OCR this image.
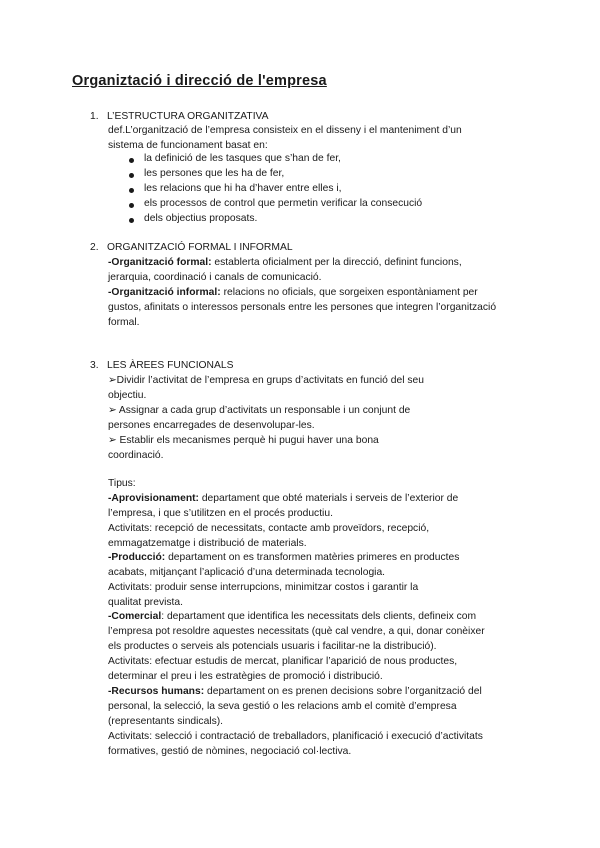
Organiztació i direcció de l'empresa
1. L’ESTRUCTURA ORGANITZATIVA
def.L’organització de l’empresa consisteix en el disseny i el manteniment d’un
sistema de funcionament basat en:
la definició de les tasques que s’han de fer,
les persones que les ha de fer,
les relacions que hi ha d’haver entre elles i,
els processos de control que permetin verificar la consecució
dels objectius proposats.
2. ORGANITZACIÓ FORMAL I INFORMAL
-Organització formal: establerta oficialment per la direcció, definint funcions,
jerarquia, coordinació i canals de comunicació.
-Organització informal: relacions no oficials, que sorgeixen espontàniament per
gustos, afinitats o interessos personals entre les persones que integren l’organització
formal.
3. LES ÀREES FUNCIONALS
➢Dividir l’activitat de l’empresa en grups d’activitats en funció del seu
objectiu.
➢ Assignar a cada grup d’activitats un responsable i un conjunt de
persones encarregades de desenvolupar-les.
➢ Establir els mecanismes perquè hi pugui haver una bona
coordinació.
Tipus:
-Aprovisionament: departament que obté materials i serveis de l’exterior de
l’empresa, i que s’utilitzen en el procés productiu.
Activitats: recepció de necessitats, contacte amb proveïdors, recepció,
emmagatzematge i distribució de materials.
-Producció: departament on es transformen matèries primeres en productes
acabats, mitjançant l’aplicació d’una determinada tecnologia.
Activitats: produir sense interrupcions, minimitzar costos i garantir la
qualitat prevista.
-Comercial: departament que identifica les necessitats dels clients, defineix com
l’empresa pot resoldre aquestes necessitats (què cal vendre, a qui, donar conèixer
els productes o serveis als potencials usuaris i facilitar-ne la distribució).
Activitats: efectuar estudis de mercat, planificar l’aparició de nous productes,
determinar el preu i les estratègies de promoció i distribució.
-Recursos humans: departament on es prenen decisions sobre l’organització del
personal, la selecció, la seva gestió o les relacions amb el comitè d’empresa
(representants sindicals).
Activitats: selecció i contractació de treballadors, planificació i execució d’activitats
formatives, gestió de nòmines, negociació col·lectiva.
